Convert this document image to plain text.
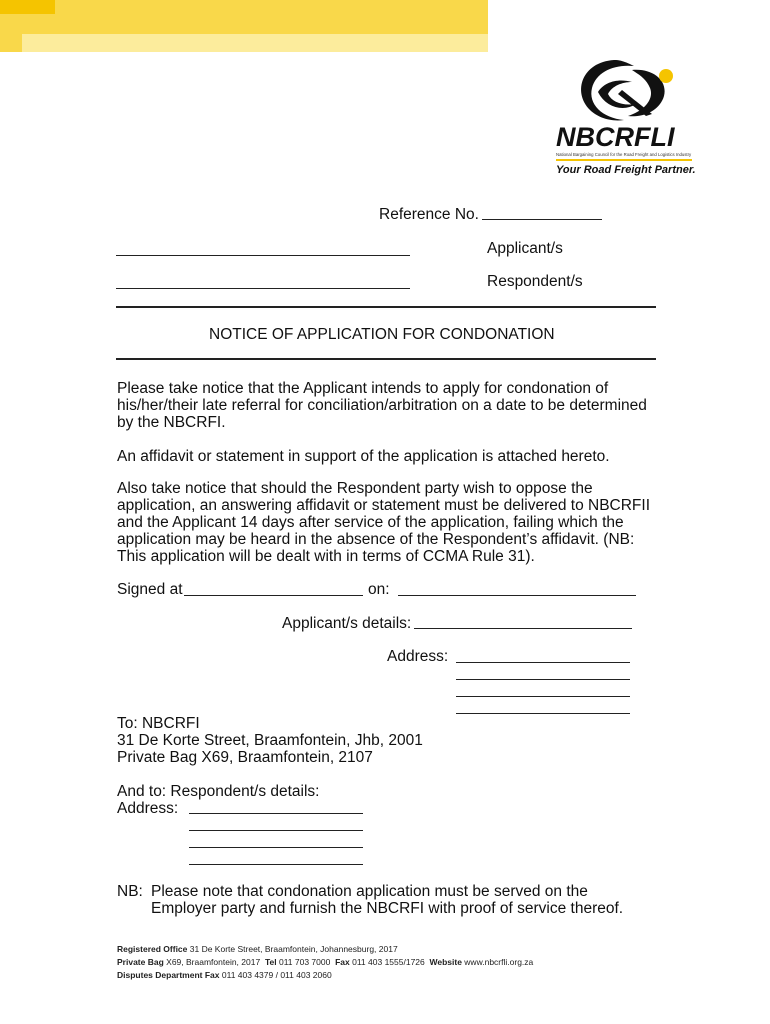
NBCRFLI
National Bargaining Council for the Road Freight and Logistics Industry
Your Road Freight Partner.
Reference No.
Applicant/s
Respondent/s
NOTICE OF APPLICATION FOR CONDONATION
Please take notice that the Applicant intends to apply for condonation of
his/her/their late referral for conciliation/arbitration on a date to be determined
by the NBCRFI.
An affidavit or statement in support of the application is attached hereto.
Also take notice that should the Respondent party wish to oppose the
application, an answering affidavit or statement must be delivered to NBCRFII
and the Applicant 14 days after service of the application, failing which the
application may be heard in the absence of the Respondent’s affidavit. (NB:
This application will be dealt with in terms of CCMA Rule 31).
Signed at	on:
Applicant/s details:
Address:
To: NBCRFI
31 De Korte Street, Braamfontein, Jhb, 2001
Private Bag X69, Braamfontein, 2107
And to: Respondent/s details:
Address:
NB: Please note that condonation application must be served on the
Employer party and furnish the NBCRFI with proof of service thereof.
Registered Office 31 De Korte Street, Braamfontein, Johannesburg, 2017
Private Bag X69, Braamfontein, 2017 Tel 011 703 7000 Fax 011 403 1555/1726 Website www.nbcrfli.org.za
Disputes Department Fax 011 403 4379 / 011 403 2060
